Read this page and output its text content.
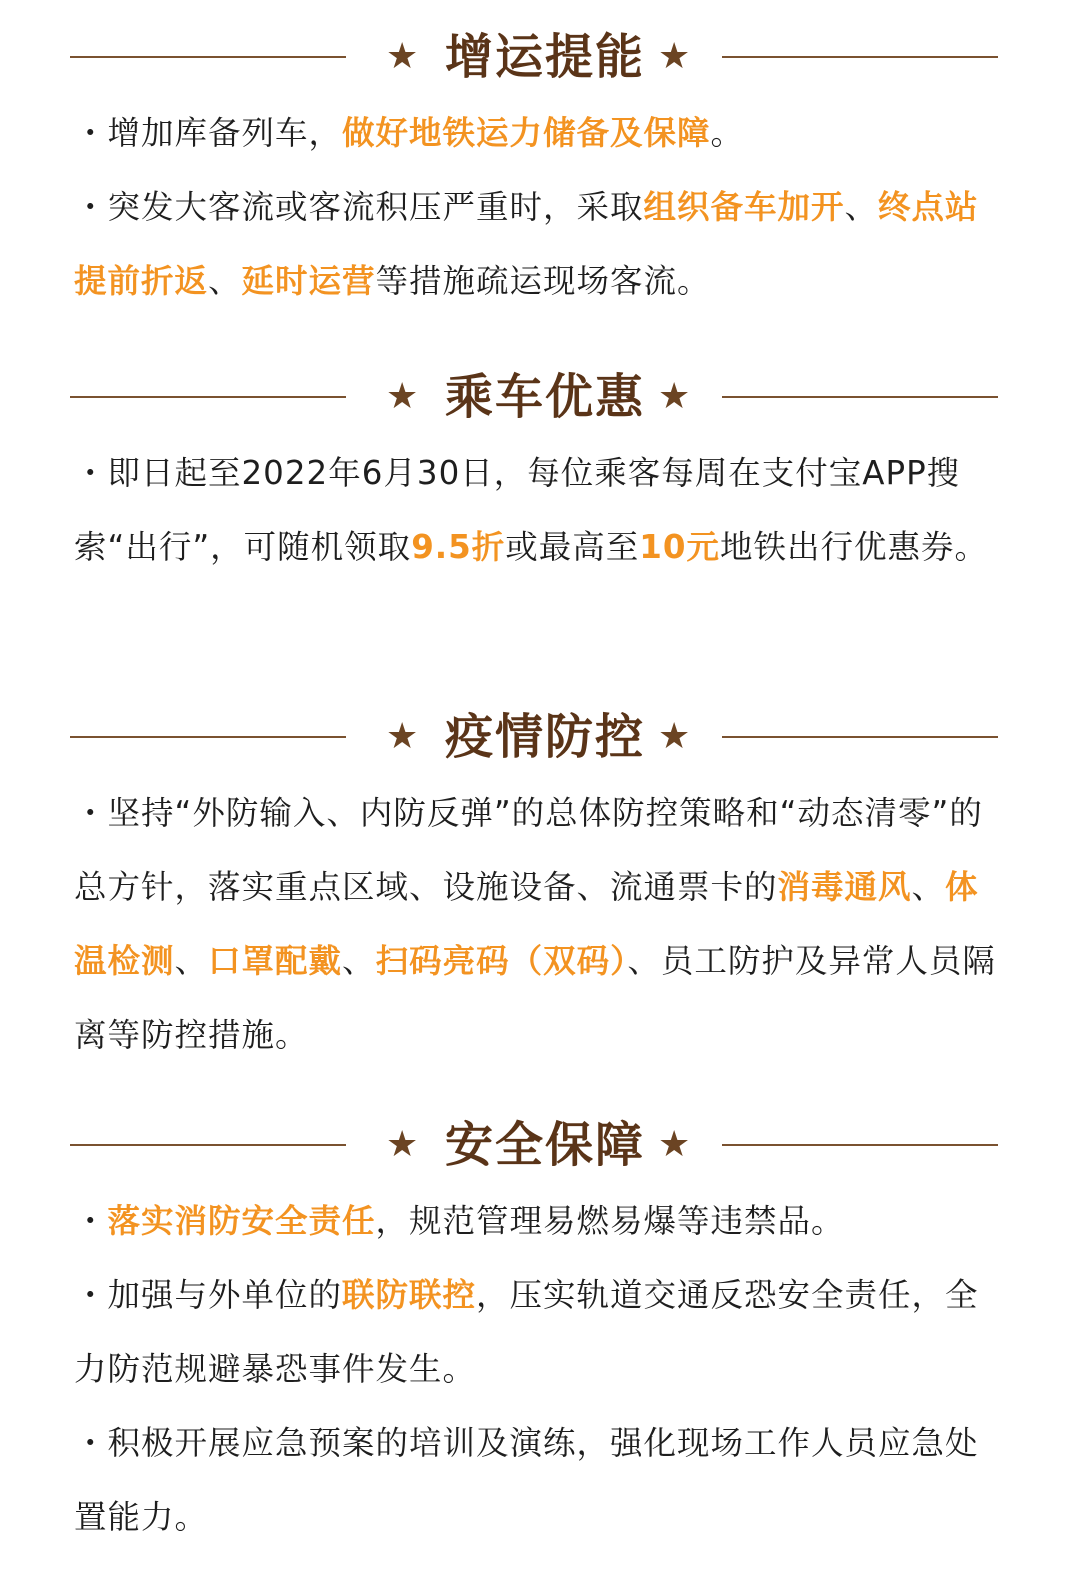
★ 增运提能 ★

・增加库备列车，做好地铁运力储备及保障。

・突发大客流或客流积压严重时，采取组织备车加开、终点站提前折返、延时运营等措施疏运现场客流。

★ 乘车优惠 ★

・即日起至2022年6月30日，每位乘客每周在支付宝APP搜索“出行”，可随机领取9.5折或最高至10元地铁出行优惠券。

★ 疫情防控 ★

・坚持“外防输入、内防反弹”的总体防控策略和“动态清零”的总方针，落实重点区域、设施设备、流通票卡的消毒通风、体温检测、口罩配戴、扫码亮码（双码）、员工防护及异常人员隔离等防控措施。

★ 安全保障 ★

・落实消防安全责任，规范管理易燃易爆等违禁品。

・加强与外单位的联防联控，压实轨道交通反恐安全责任，全力防范规避暴恐事件发生。

・积极开展应急预案的培训及演练，强化现场工作人员应急处置能力。
